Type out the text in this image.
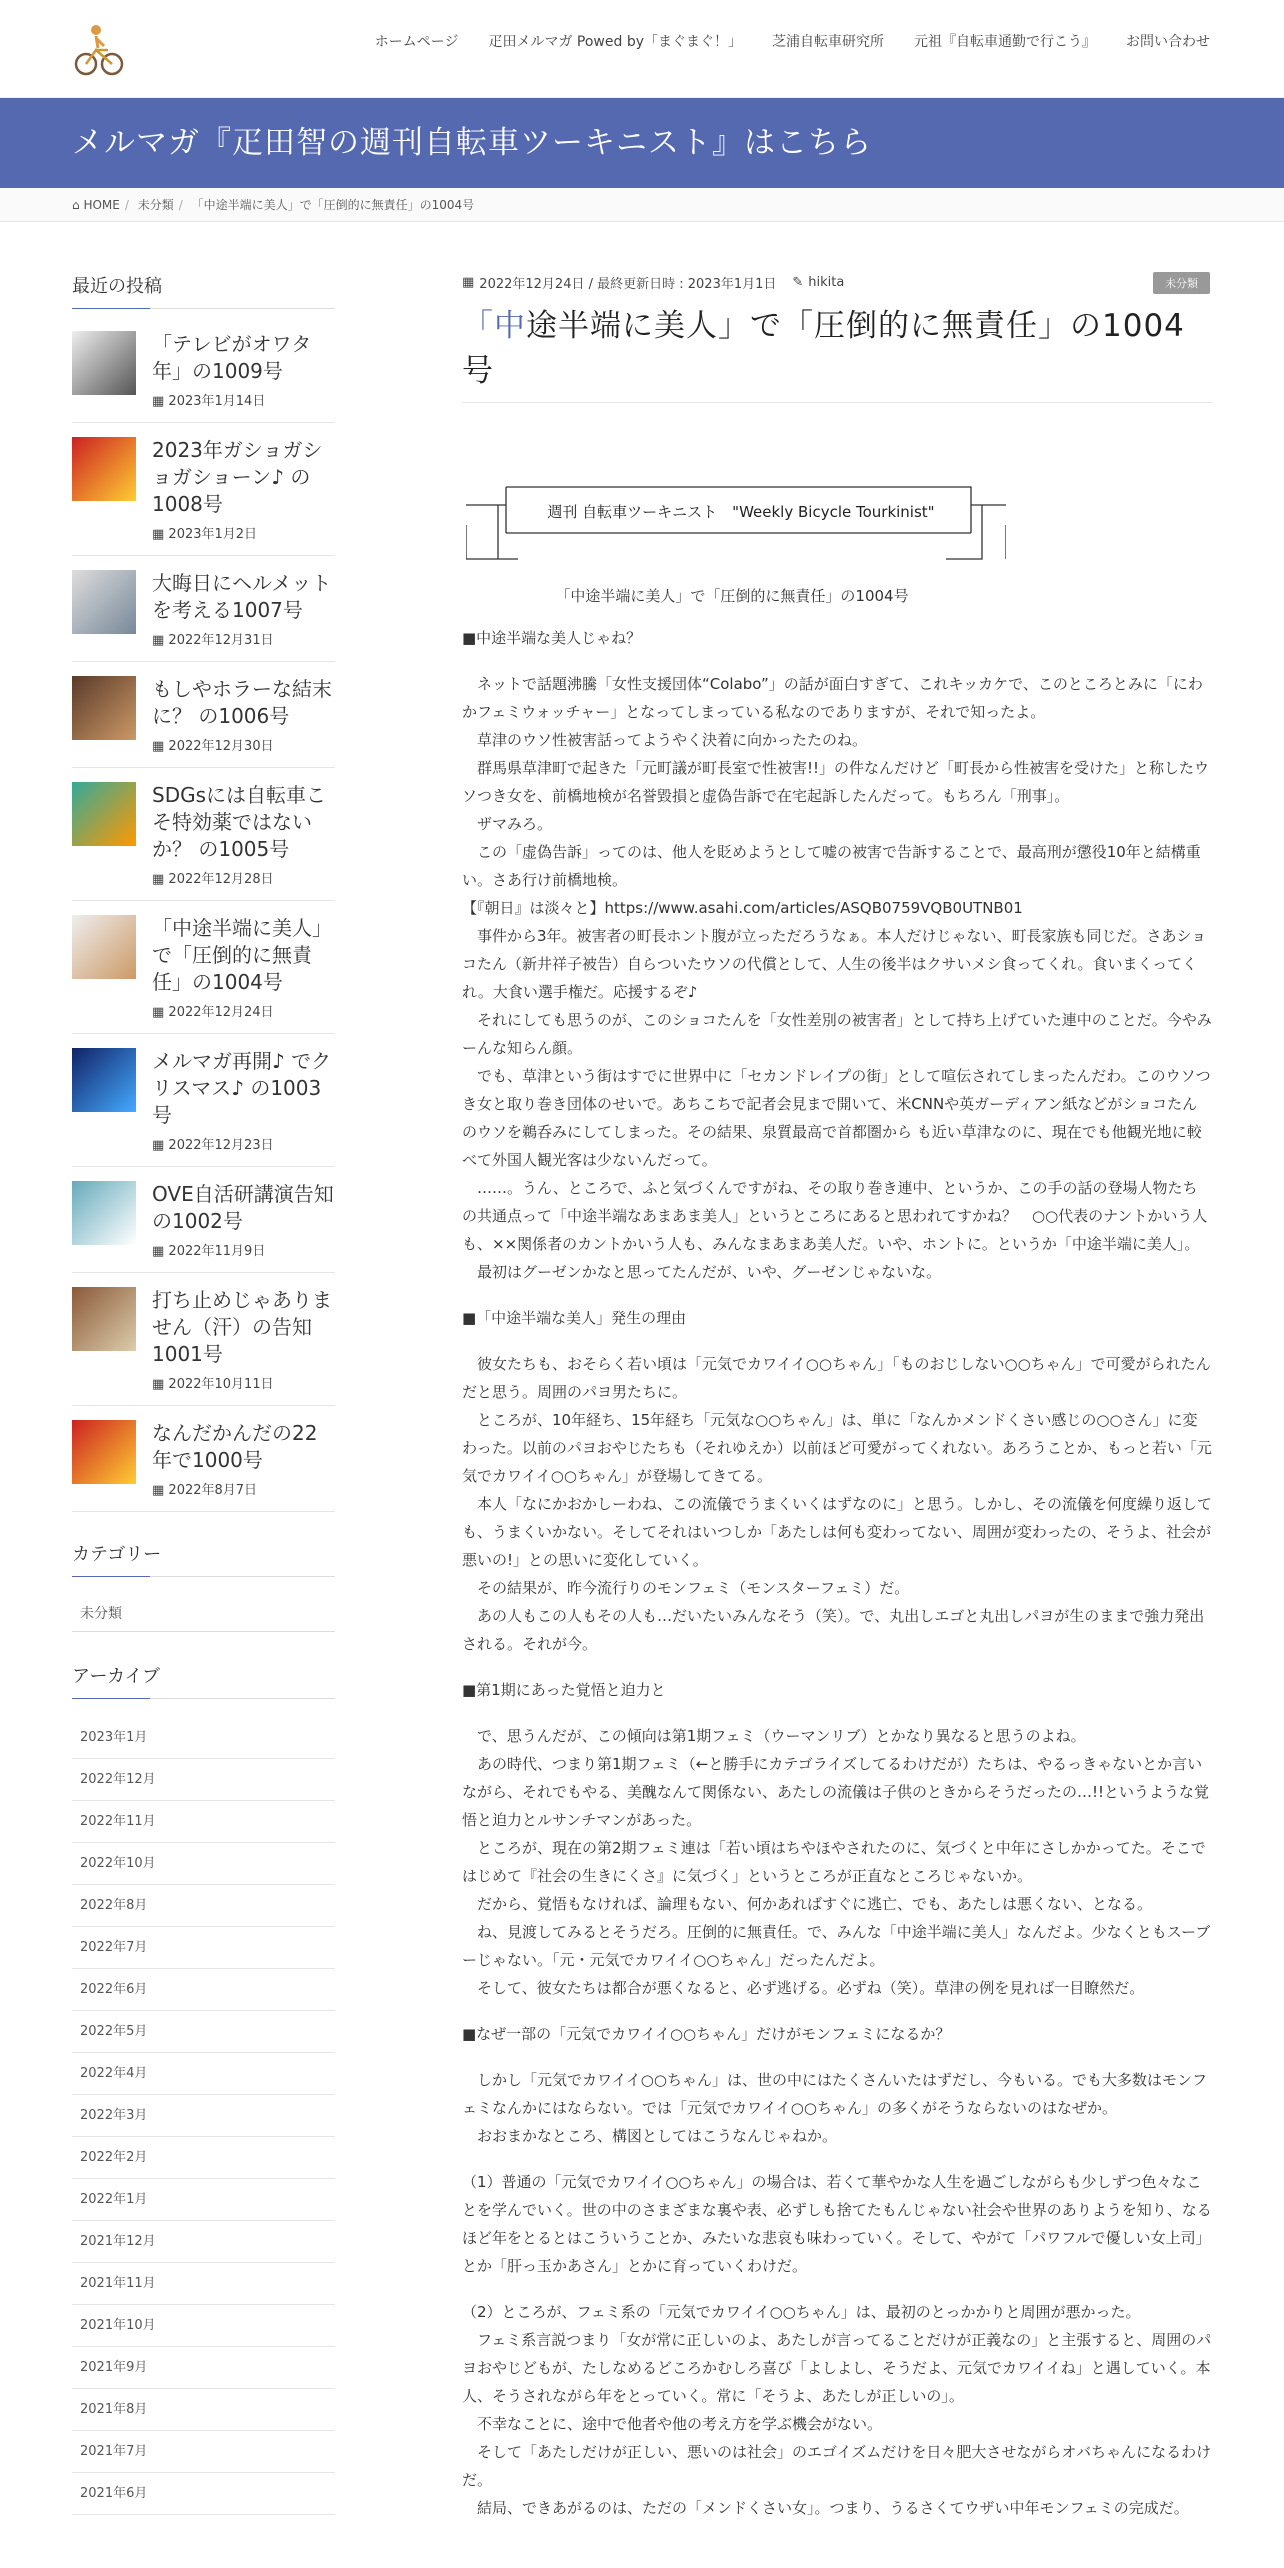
ホームページ 疋田メルマガ Powed by「まぐまぐ！」 芝浦自転車研究所 元祖『自転車通勤で行こう』 お問い合わせ
メルマガ『疋田智の週刊自転車ツーキニスト』はこちら
⌂ HOME / 未分類 / 「中途半端に美人」で「圧倒的に無責任」の1004号
最近の投稿
「テレビがオワタ年」の1009号
▦ 2023年1月14日
2023年ガショガショガショーン♪ の1008号
▦ 2023年1月2日
大晦日にヘルメットを考える1007号
▦ 2022年12月31日
もしやホラーな結末に？ の1006号
▦ 2022年12月30日
SDGsには自転車こそ特効薬ではないか？ の1005号
▦ 2022年12月28日
「中途半端に美人」で「圧倒的に無責任」の1004号
▦ 2022年12月24日
メルマガ再開♪ でクリスマス♪ の1003号
▦ 2022年12月23日
OVE自活研講演告知の1002号
▦ 2022年11月9日
打ち止めじゃありません（汗）の告知1001号
▦ 2022年10月11日
なんだかんだの22年で1000号
▦ 2022年8月7日
カテゴリー
未分類
アーカイブ
2023年1月
2022年12月
2022年11月
2022年10月
2022年8月
2022年7月
2022年6月
2022年5月
2022年4月
2022年3月
2022年2月
2022年1月
2021年12月
2021年11月
2021年10月
2021年9月
2021年8月
2021年7月
2021年6月
▦ 2022年12月24日 / 最終更新日時 : 2023年1月1日 ✎ hikita	未分類
「中途半端に美人」で「圧倒的に無責任」の1004号
週刊 自転車ツーキニスト　"Weekly Bicycle Tourkinist"
「中途半端に美人」で「圧倒的に無責任」の1004号

■中途半端な美人じゃね？

　ネットで話題沸騰「女性支援団体“Colabo”」の話が面白すぎて、これキッカケで、このところとみに「にわかフェミウォッチャー」となってしまっている私なのでありますが、それで知ったよ。

　草津のウソ性被害話ってようやく決着に向かったたのね。

　群馬県草津町で起きた「元町議が町長室で性被害!!」の件なんだけど「町長から性被害を受けた」と称したウソつき女を、前橋地検が名誉毀損と虚偽告訴で在宅起訴したんだって。もちろん「刑事」。

　ザマみろ。

　この「虚偽告訴」ってのは、他人を貶めようとして嘘の被害で告訴することで、最高刑が懲役10年と結構重い。さあ行け前橋地検。

【『朝日』は淡々と】https://www.asahi.com/articles/ASQB0759VQB0UTNB01

　事件から3年。被害者の町長ホント腹が立っただろうなぁ。本人だけじゃない、町長家族も同じだ。さあショコたん（新井祥子被告）自らついたウソの代償として、人生の後半はクサいメシ食ってくれ。食いまくってくれ。大食い選手権だ。応援するぞ♪

　それにしても思うのが、このショコたんを「女性差別の被害者」として持ち上げていた連中のことだ。今やみーんな知らん顔。

　でも、草津という街はすでに世界中に「セカンドレイプの街」として喧伝されてしまったんだわ。このウソつき女と取り巻き団体のせいで。あちこちで記者会見まで開いて、米CNNや英ガーディアン紙などがショコたんのウソを鵜呑みにしてしまった。その結果、泉質最高で首都圏から も近い草津なのに、現在でも他観光地に較べて外国人観光客は少ないんだって。

　……。うん、ところで、ふと気づくんですがね、その取り巻き連中、というか、この手の話の登場人物たちの共通点って「中途半端なあまあま美人」というところにあると思われてすかね？　○○代表のナントかいう人も、××関係者のカントかいう人も、みんなまあまあ美人だ。いや、ホントに。というか「中途半端に美人」。

　最初はグーゼンかなと思ってたんだが、いや、グーゼンじゃないな。

■「中途半端な美人」発生の理由

　彼女たちも、おそらく若い頃は「元気でカワイイ○○ちゃん」「ものおじしない○○ちゃん」で可愛がられたんだと思う。周囲のパヨ男たちに。

　ところが、10年経ち、15年経ち「元気な○○ちゃん」は、単に「なんかメンドくさい感じの○○さん」に変わった。以前のパヨおやじたちも（それゆえか）以前ほど可愛がってくれない。あろうことか、もっと若い「元気でカワイイ○○ちゃん」が登場してきてる。

　本人「なにかおかしーわね、この流儀でうまくいくはずなのに」と思う。しかし、その流儀を何度繰り返しても、うまくいかない。そしてそれはいつしか「あたしは何も変わってない、周囲が変わったの、そうよ、社会が悪いの!」との思いに変化していく。

　その結果が、昨今流行りのモンフェミ（モンスターフェミ）だ。

　あの人もこの人もその人も…だいたいみんなそう（笑）。で、丸出しエゴと丸出しパヨが生のままで強力発出される。それが今。

■第1期にあった覚悟と迫力と

　で、思うんだが、この傾向は第1期フェミ（ウーマンリブ）とかなり異なると思うのよね。

　あの時代、つまり第1期フェミ（←と勝手にカテゴライズしてるわけだが）たちは、やるっきゃないとか言いながら、それでもやる、美醜なんて関係ない、あたしの流儀は子供のときからそうだったの…!!というような覚悟と迫力とルサンチマンがあった。

　ところが、現在の第2期フェミ連は「若い頃はちやほやされたのに、気づくと中年にさしかかってた。そこではじめて『社会の生きにくさ』に気づく」というところが正直なところじゃないか。

　だから、覚悟もなければ、論理もない、何かあればすぐに逃亡、でも、あたしは悪くない、となる。

　ね、見渡してみるとそうだろ。圧倒的に無責任。で、みんな「中途半端に美人」なんだよ。少なくともスーブーじゃない。「元・元気でカワイイ○○ちゃん」だったんだよ。

　そして、彼女たちは都合が悪くなると、必ず逃げる。必ずね（笑）。草津の例を見れば一目瞭然だ。

■なぜ一部の「元気でカワイイ○○ちゃん」だけがモンフェミになるか？

　しかし「元気でカワイイ○○ちゃん」は、世の中にはたくさんいたはずだし、今もいる。でも大多数はモンフェミなんかにはならない。では「元気でカワイイ○○ちゃん」の多くがそうならないのはなぜか。

　おおまかなところ、構図としてはこうなんじゃねか。

（1）普通の「元気でカワイイ○○ちゃん」の場合は、若くて華やかな人生を過ごしながらも少しずつ色々なことを学んでいく。世の中のさまざまな裏や表、必ずしも捨てたもんじゃない社会や世界のありようを知り、なるほど年をとるとはこういうことか、みたいな悲哀も味わっていく。そして、やがて「パワフルで優しい女上司」とか「肝っ玉かあさん」とかに育っていくわけだ。

（2）ところが、フェミ系の「元気でカワイイ○○ちゃん」は、最初のとっかかりと周囲が悪かった。

　フェミ系言説つまり「女が常に正しいのよ、あたしが言ってることだけが正義なの」と主張すると、周囲のパヨおやじどもが、たしなめるどころかむしろ喜び「よしよし、そうだよ、元気でカワイイね」と遇していく。本人、そうされながら年をとっていく。常に「そうよ、あたしが正しいの」。

　不幸なことに、途中で他者や他の考え方を学ぶ機会がない。

　そして「あたしだけが正しい、悪いのは社会」のエゴイズムだけを日々肥大させながらオバちゃんになるわけだ。

　結局、できあがるのは、ただの「メンドくさい女」。つまり、うるさくてウザい中年モンフェミの完成だ。
